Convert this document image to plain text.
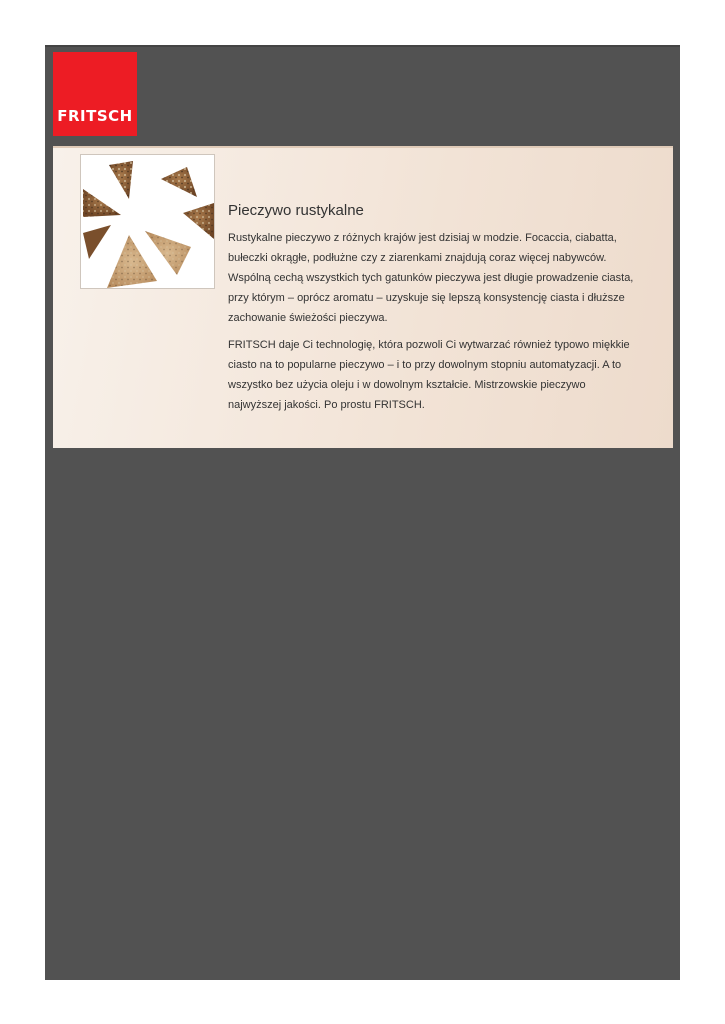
FRITSCH
Pieczywo rustykalne

Rustykalne pieczywo z różnych krajów jest dzisiaj w modzie. Focaccia, ciabatta, bułeczki okrągłe, podłużne czy z ziarenkami znajdują coraz więcej nabywców. Wspólną cechą wszystkich tych gatunków pieczywa jest długie prowadzenie ciasta, przy którym – oprócz aromatu – uzyskuje się lepszą konsystencję ciasta i dłuższe zachowanie świeżości pieczywa.

FRITSCH daje Ci technologię, która pozwoli Ci wytwarzać również typowo miękkie ciasto na to popularne pieczywo – i to przy dowolnym stopniu automatyzacji. A to wszystko bez użycia oleju i w dowolnym kształcie. Mistrzowskie pieczywo najwyższej jakości. Po prostu FRITSCH.
